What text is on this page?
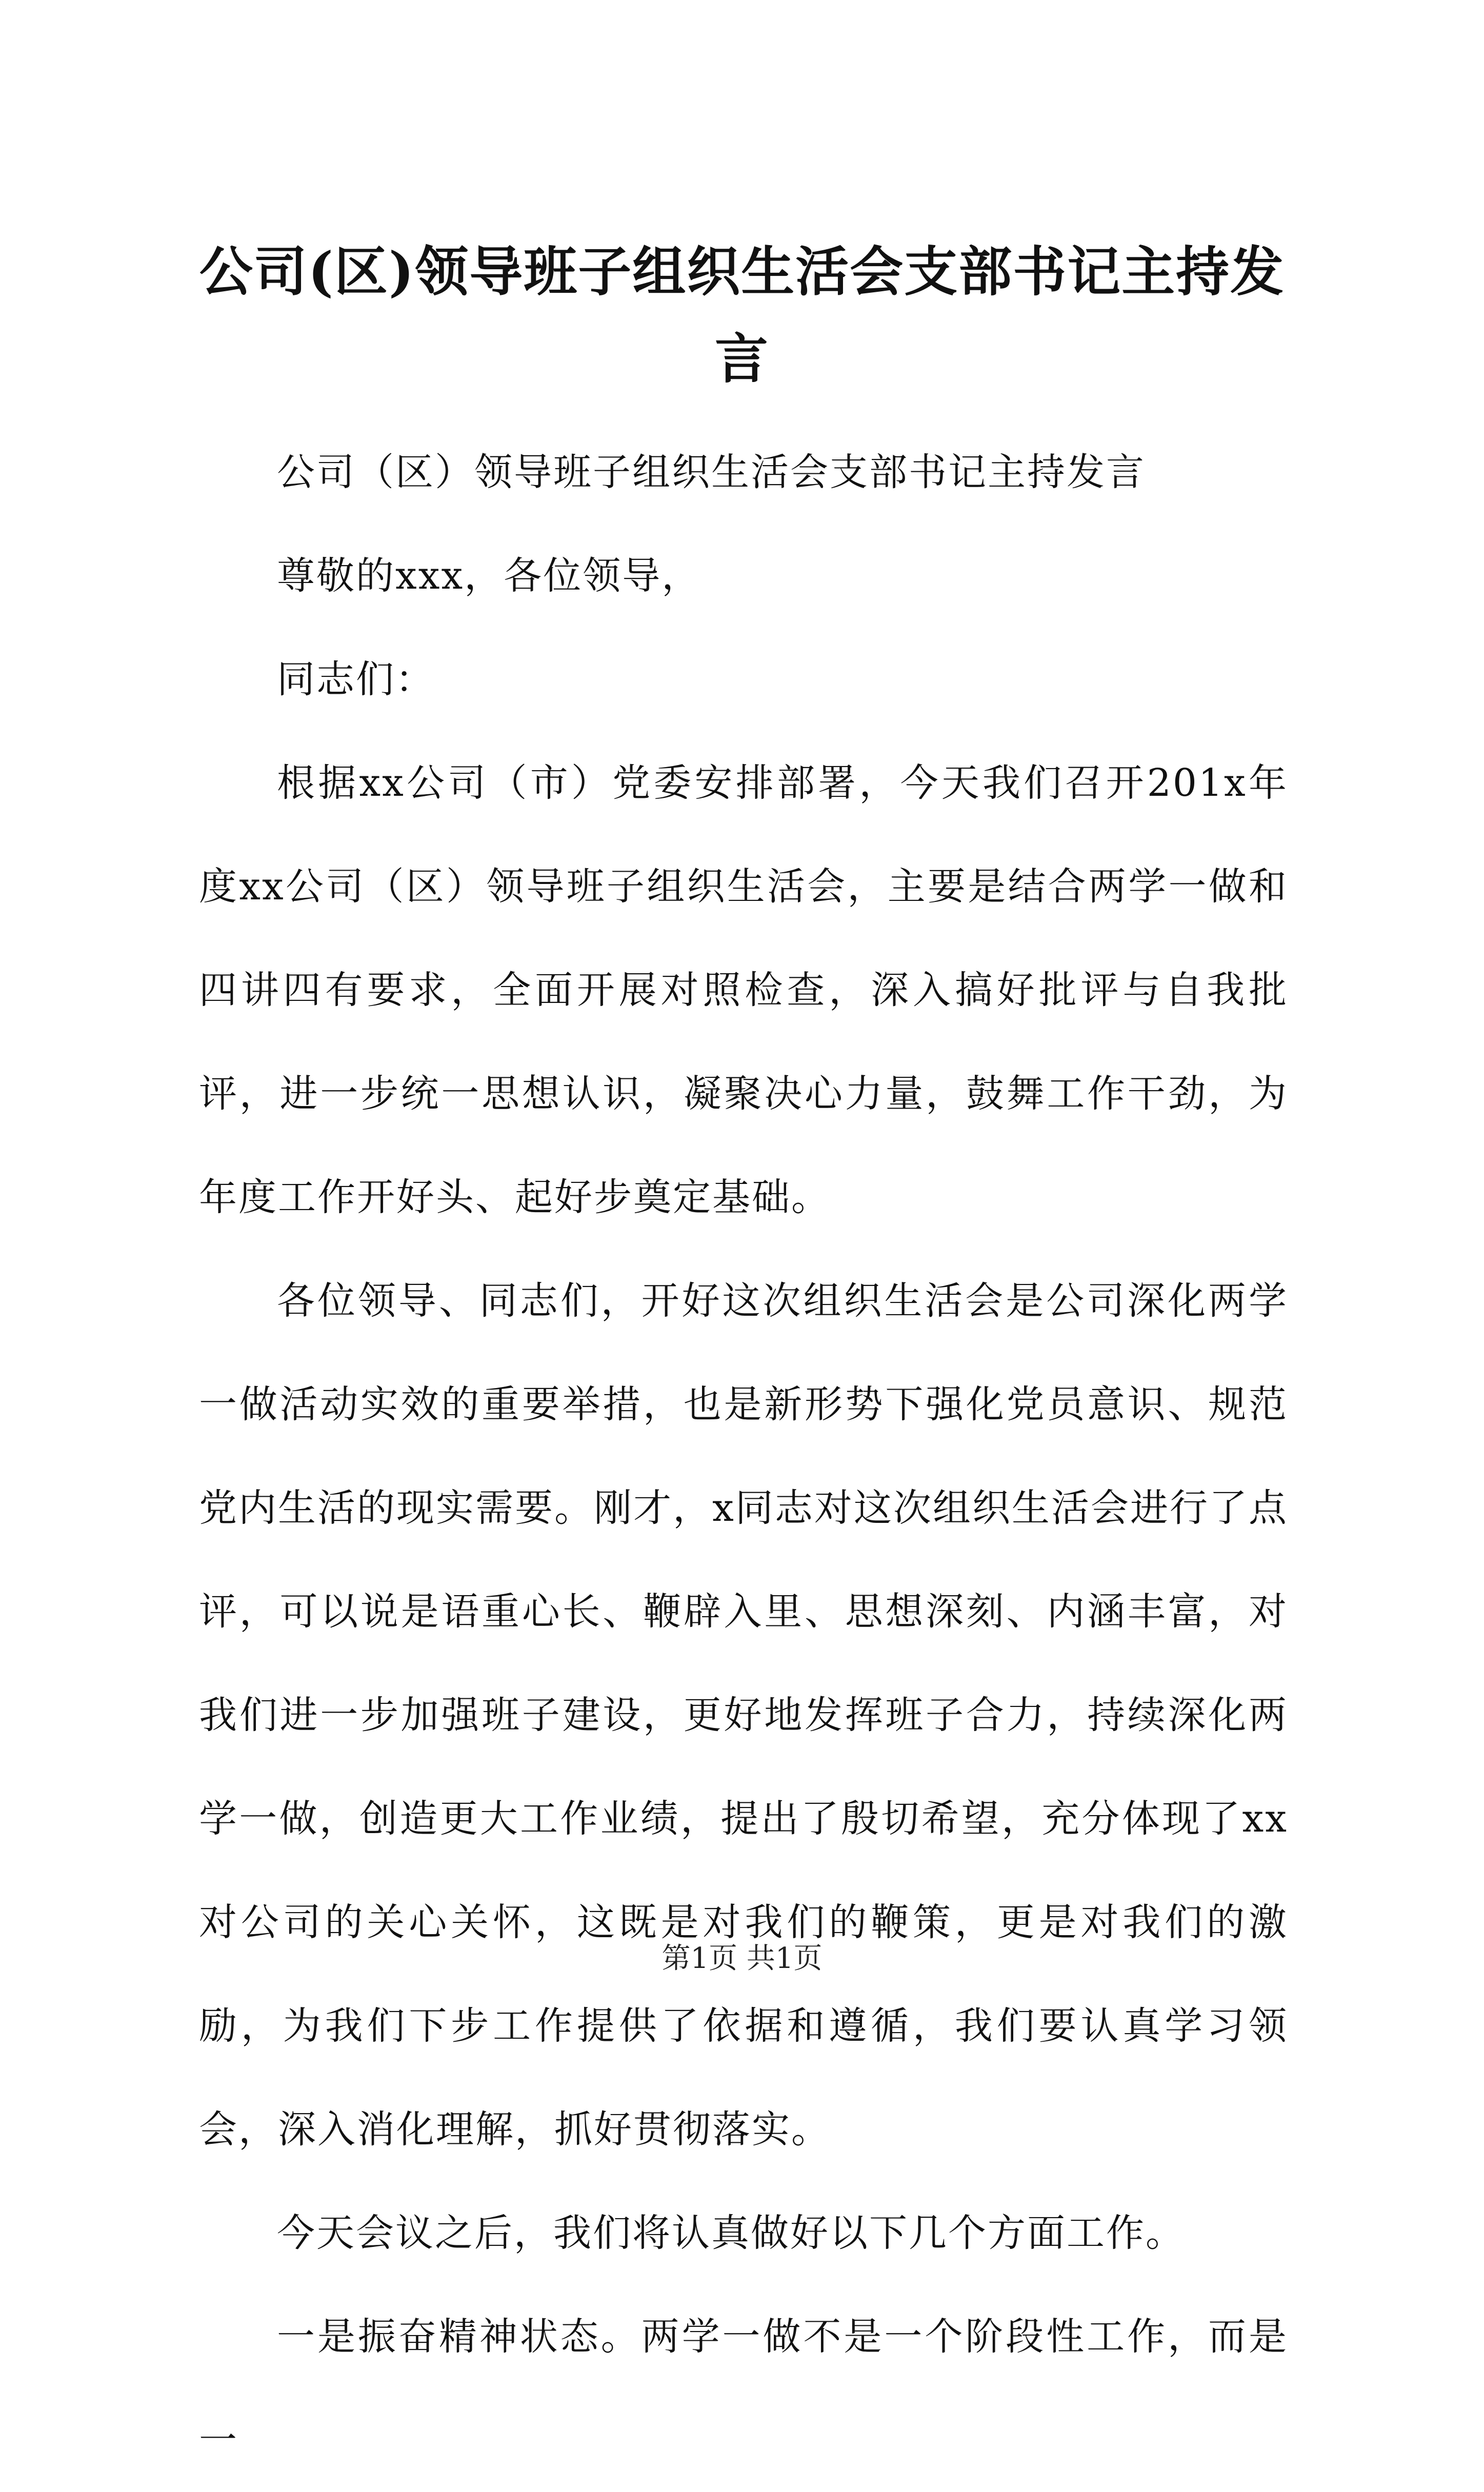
公司(区)领导班子组织生活会支部书记主持发言

公司（区）领导班子组织生活会支部书记主持发言

尊敬的xxx，各位领导，

同志们：

根据xx公司（市）党委安排部署，今天我们召开201x年度xx公司（区）领导班子组织生活会，主要是结合两学一做和四讲四有要求，全面开展对照检查，深入搞好批评与自我批评，进一步统一思想认识，凝聚决心力量，鼓舞工作干劲，为年度工作开好头、起好步奠定基础。

各位领导、同志们，开好这次组织生活会是公司深化两学一做活动实效的重要举措，也是新形势下强化党员意识、规范党内生活的现实需要。刚才，x同志对这次组织生活会进行了点评，可以说是语重心长、鞭辟入里、思想深刻、内涵丰富，对我们进一步加强班子建设，更好地发挥班子合力，持续深化两学一做，创造更大工作业绩，提出了殷切希望，充分体现了xx对公司的关心关怀，这既是对我们的鞭策，更是对我们的激励，为我们下步工作提供了依据和遵循，我们要认真学习领会，深入消化理解，抓好贯彻落实。

今天会议之后，我们将认真做好以下几个方面工作。

一是振奋精神状态。两学一做不是一个阶段性工作，而是一

第1页 共1页
